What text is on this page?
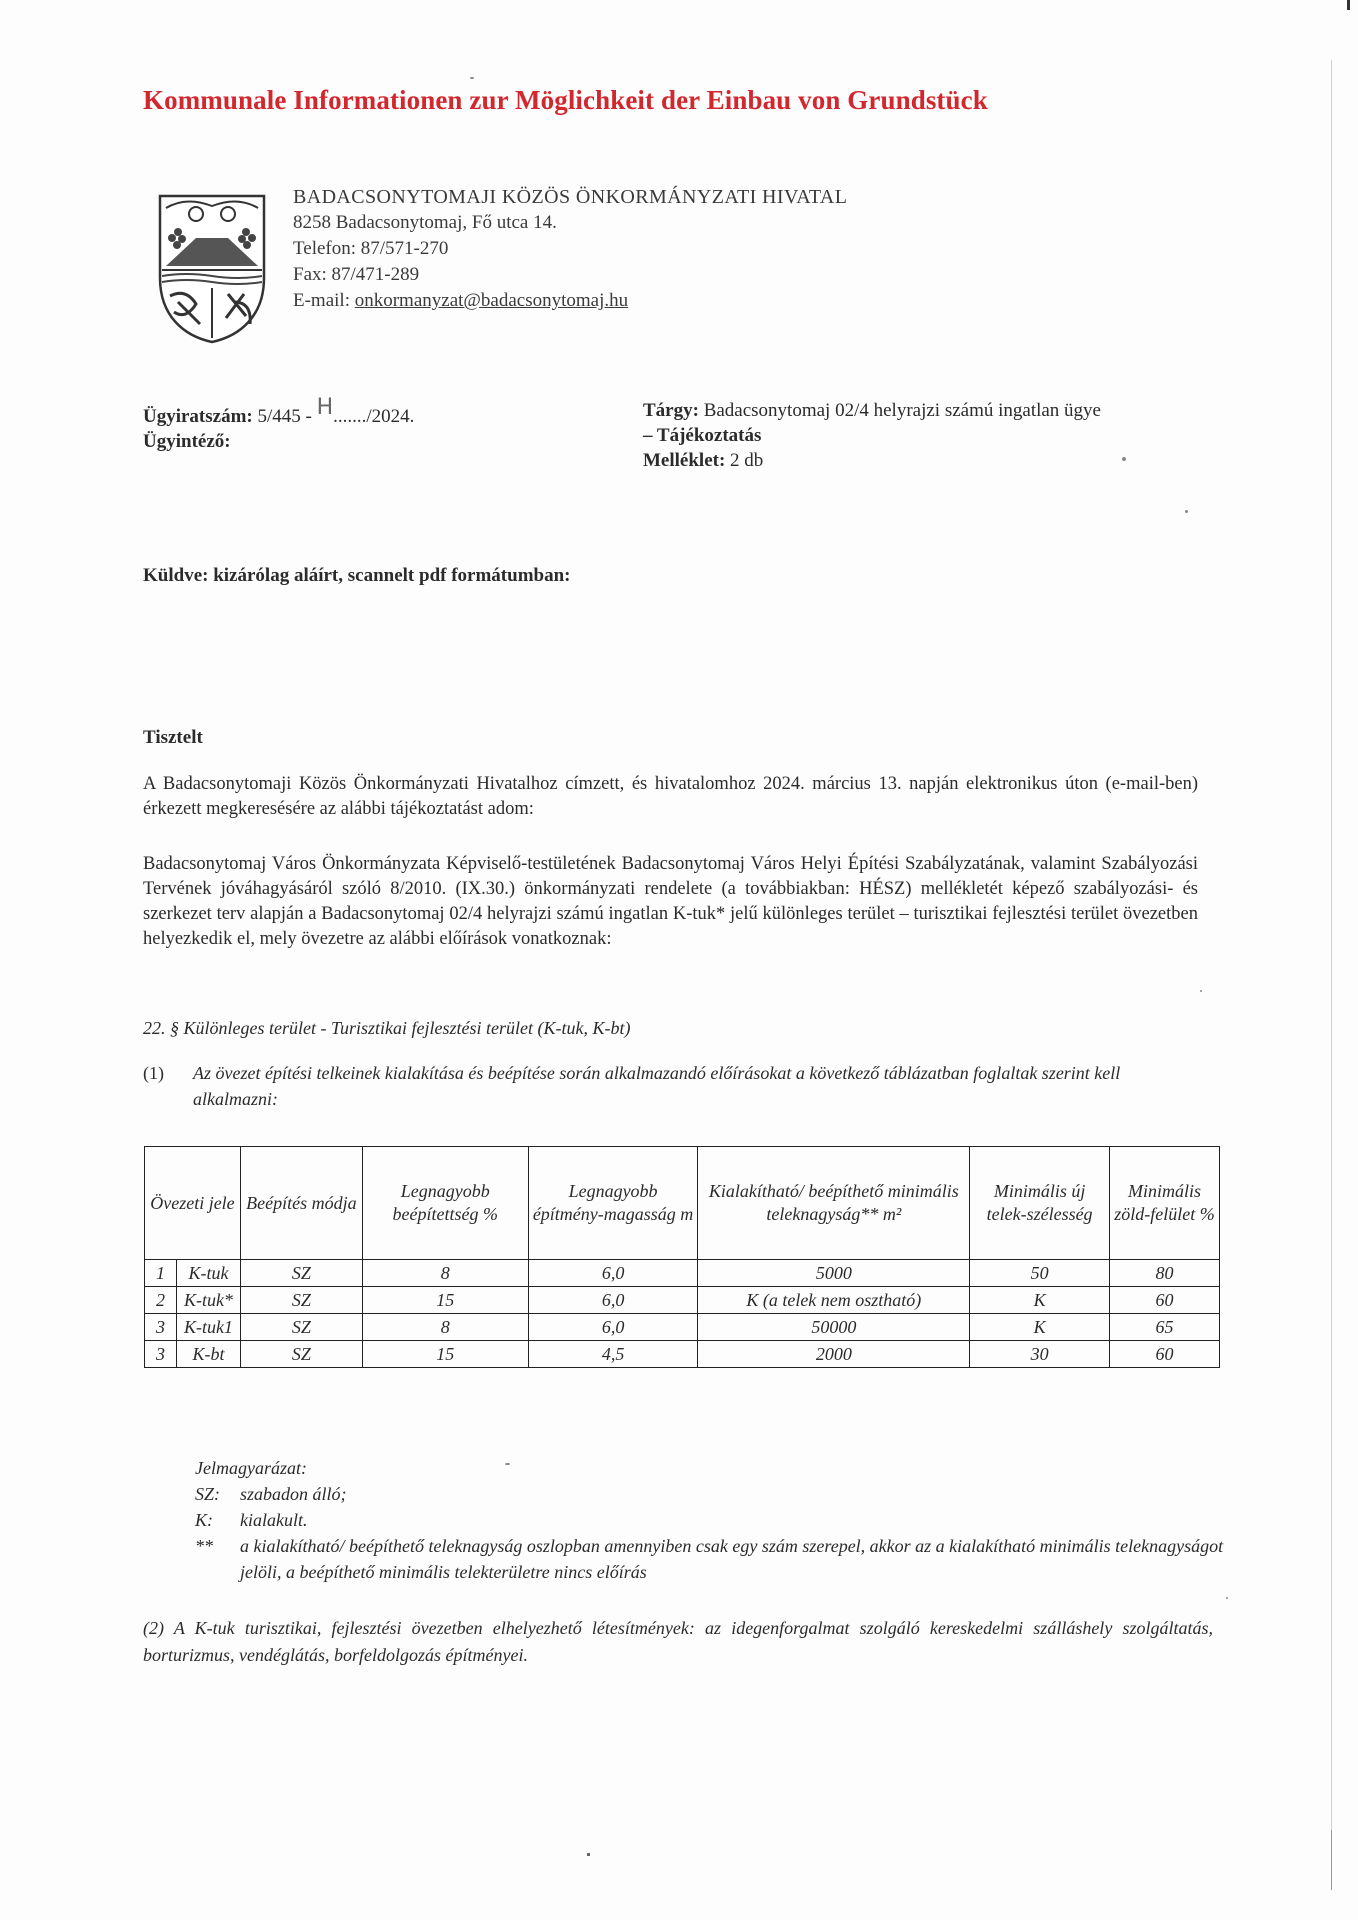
Kommunale Informationen zur Möglichkeit der Einbau von Grundstück
BADACSONYTOMAJI KÖZÖS ÖNKORMÁNYZATI HIVATAL
8258 Badacsonytomaj, Fő utca 14.
Telefon: 87/571-270
Fax: 87/471-289
E-mail: onkormanyzat@badacsonytomaj.hu
Ügyiratszám: 5/445 - H......./2024.
Ügyintéző:
Tárgy: Badacsonytomaj 02/4 helyrajzi számú ingatlan ügye
– Tájékoztatás
Melléklet: 2 db
Küldve: kizárólag aláírt, scannelt pdf formátumban:
Tisztelt
A Badacsonytomaji Közös Önkormányzati Hivatalhoz címzett, és hivatalomhoz 2024. március 13. napján elektronikus úton (e-mail-ben) érkezett megkeresésére az alábbi tájékoztatást adom:
Badacsonytomaj Város Önkormányzata Képviselő-testületének Badacsonytomaj Város Helyi Építési Szabályzatának, valamint Szabályozási Tervének jóváhagyásáról szóló 8/2010. (IX.30.) önkormányzati rendelete (a továbbiakban: HÉSZ) mellékletét képező szabályozási- és szerkezet terv alapján a Badacsonytomaj 02/4 helyrajzi számú ingatlan K-tuk* jelű különleges terület – turisztikai fejlesztési terület övezetben helyezkedik el, mely övezetre az alábbi előírások vonatkoznak:
22. § Különleges terület - Turisztikai fejlesztési terület (K-tuk, K-bt)
(1)	Az övezet építési telkeinek kialakítása és beépítése során alkalmazandó előírásokat a következő táblázatban foglaltak szerint kell alkalmazni:
Övezeti jele		Beépítés módja	Legnagyobb beépítettség %	Legnagyobb építmény-magasság m	Kialakítható/ beépíthető minimális teleknagyság** m²	Minimális új telek-szélesség	Minimális zöld-felület %
1	K-tuk	SZ	8	6,0	5000	50	80
2	K-tuk*	SZ	15	6,0	K (a telek nem osztható)	K	60
3	K-tuk1	SZ	8	6,0	50000	K	65
3	K-bt	SZ	15	4,5	2000	30	60
Jelmagyarázat:
SZ:	szabadon álló;
K:	kialakult.
**	a kialakítható/ beépíthető teleknagyság oszlopban amennyiben csak egy szám szerepel, akkor az a kialakítható minimális teleknagyságot jelöli, a beépíthető minimális telekterületre nincs előírás
(2) A K-tuk turisztikai, fejlesztési övezetben elhelyezhető létesítmények: az idegenforgalmat szolgáló kereskedelmi szálláshely szolgáltatás, borturizmus, vendéglátás, borfeldolgozás építményei.
